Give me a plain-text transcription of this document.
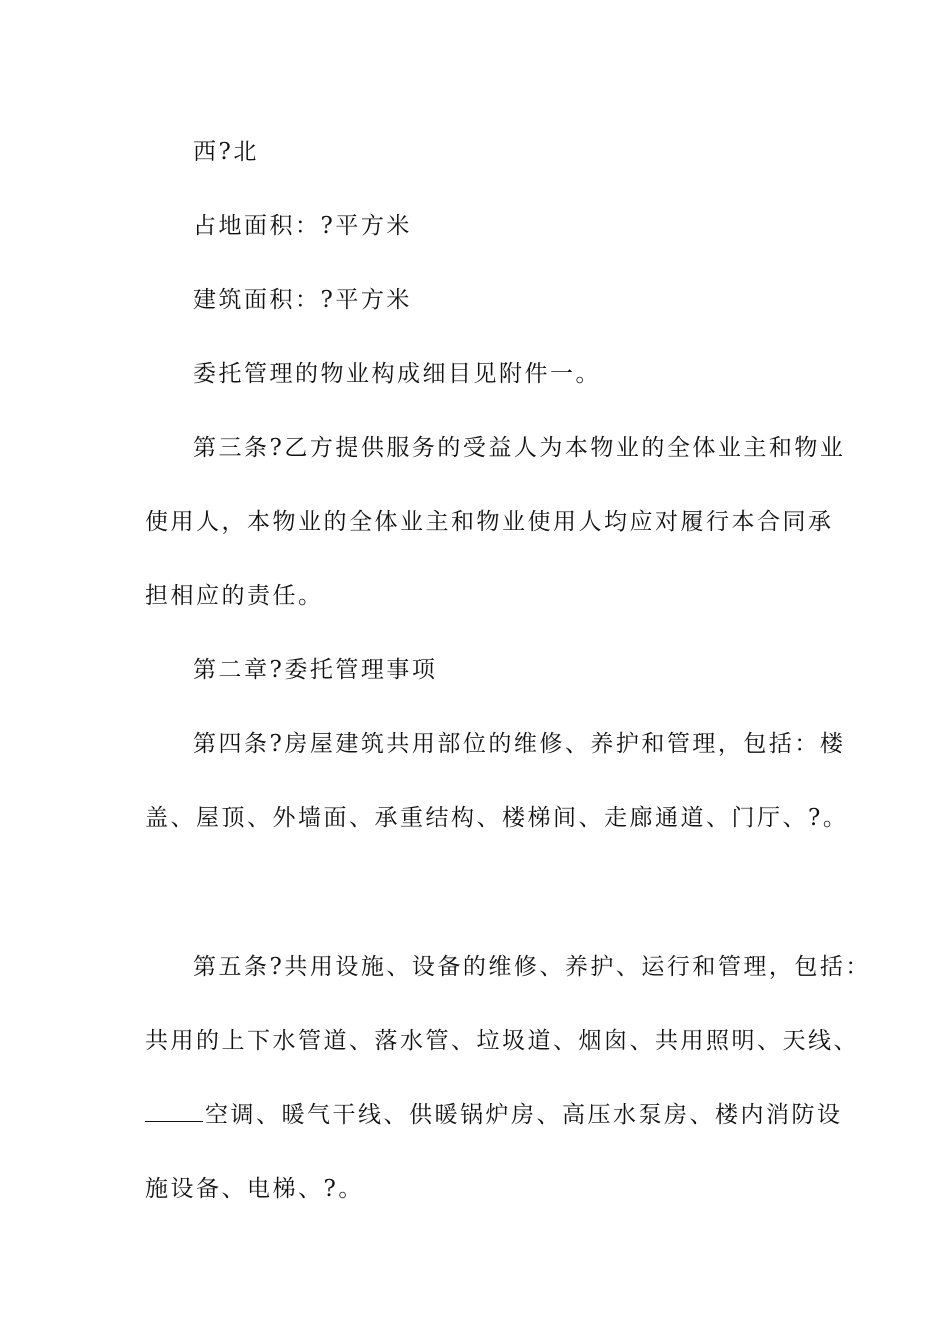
西?北
占地面积：?平方米
建筑面积：?平方米
委托管理的物业构成细目见附件一。
第三条?乙方提供服务的受益人为本物业的全体业主和物业
使用人，本物业的全体业主和物业使用人均应对履行本合同承
担相应的责任。
第二章?委托管理事项
第四条?房屋建筑共用部位的维修、养护和管理，包括：楼
盖、屋顶、外墙面、承重结构、楼梯间、走廊通道、门厅、?。
第五条?共用设施、设备的维修、养护、运行和管理，包括：
共用的上下水管道、落水管、垃圾道、烟囱、共用照明、天线、
空调、暖气干线、供暖锅炉房、高压水泵房、楼内消防设
施设备、电梯、?。
